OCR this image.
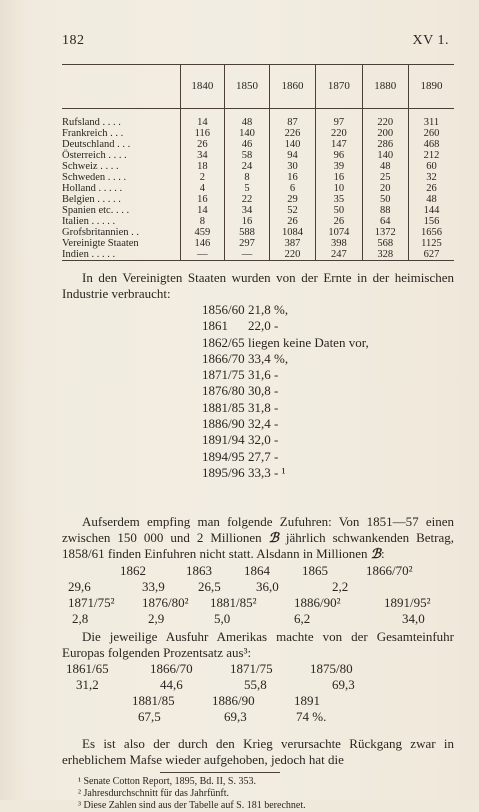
182	XV 1.
	1840	1850	1860	1870	1880	1890

Rufsland . . . .	14	48	87	97	220	311
Frankreich . . .	116	140	226	220	200	260
Deutschland . . .	26	46	140	147	286	468
Österreich . . . .	34	58	94	96	140	212
Schweiz . . . .	18	24	30	39	48	60
Schweden . . . .	2	8	16	16	25	32
Holland . . . . .	4	5	6	10	20	26
Belgien . . . . .	16	22	29	35	50	48
Spanien etc. . . .	14	34	52	50	88	144
Italien . . . . .	8	16	26	26	64	156
Grofsbritannien . .	459	588	1084	1074	1372	1656
Vereinigte Staaten	146	297	387	398	568	1125
Indien . . . . .	—	—	220	247	328	627
In den Vereinigten Staaten wurden von der Ernte in der heimischen Industrie verbraucht:
1856/60 21,8 %,
1861	22,0 -
1862/65 liegen keine Daten vor,
1866/70 33,4 %,
1871/75 31,6 -
1876/80 30,8 -
1881/85 31,8 -
1886/90 32,4 -
1891/94 32,0 -
1894/95 27,7 -
1895/96 33,3 - ¹
Aufserdem empfing man folgende Zufuhren: Von 1851—57 einen zwischen 150 000 und 2 Millionen ℬ jährlich schwankenden Betrag, 1858/61 finden Einfuhren nicht statt. Alsdann in Millionen ℬ:
1862	1863 1864 1865	1866/70²
29,6	33,9	26,5	36,0	2,2
1871/75² 1876/80² 1881/85²	1886/90²	1891/95²
2,8	2,9	5,0	6,2	34,0
Die jeweilige Ausfuhr Amerikas machte von der Gesamteinfuhr Europas folgenden Prozentsatz aus³:
1861/65	1866/70	1871/75	1875/80
31,2	44,6	55,8	69,3
1881/85	1886/90	1891
67,5	69,3	74 %.
Es ist also der durch den Krieg verursachte Rückgang zwar in erheblichem Mafse wieder aufgehoben, jedoch hat die
¹ Senate Cotton Report, 1895, Bd. II, S. 353.
² Jahresdurchschnitt für das Jahrfünft.
³ Diese Zahlen sind aus der Tabelle auf S. 181 berechnet.
